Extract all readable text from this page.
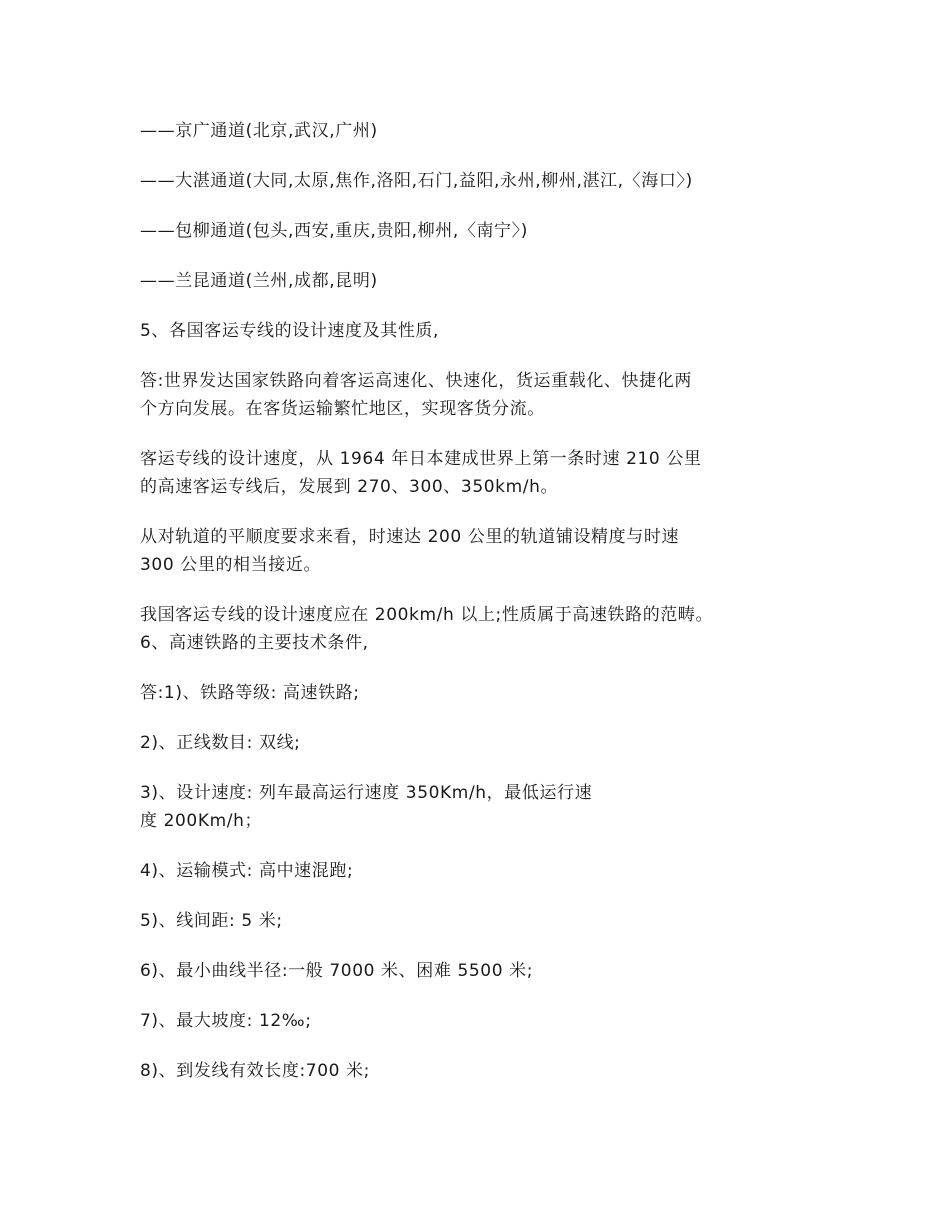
——京广通道(北京,武汉,广州)
——大湛通道(大同,太原,焦作,洛阳,石门,益阳,永州,柳州,湛江,〈海口〉)
——包柳通道(包头,西安,重庆,贵阳,柳州,〈南宁〉)
——兰昆通道(兰州,成都,昆明)
5、各国客运专线的设计速度及其性质,
答:世界发达国家铁路向着客运高速化、快速化，货运重载化、快捷化两
个方向发展。在客货运输繁忙地区，实现客货分流。
客运专线的设计速度，从 1964 年日本建成世界上第一条时速 210 公里
的高速客运专线后，发展到 270、300、350km/h。
从对轨道的平顺度要求来看，时速达 200 公里的轨道铺设精度与时速
300 公里的相当接近。
我国客运专线的设计速度应在 200km/h 以上;性质属于高速铁路的范畴。
6、高速铁路的主要技术条件,
答:1)、铁路等级: 高速铁路;
2)、正线数目: 双线;
3)、设计速度: 列车最高运行速度 350Km/h，最低运行速
度 200Km/h；
4)、运输模式: 高中速混跑;
5)、线间距: 5 米;
6)、最小曲线半径:一般 7000 米、困难 5500 米;
7)、最大坡度: 12‰;
8)、到发线有效长度:700 米;
